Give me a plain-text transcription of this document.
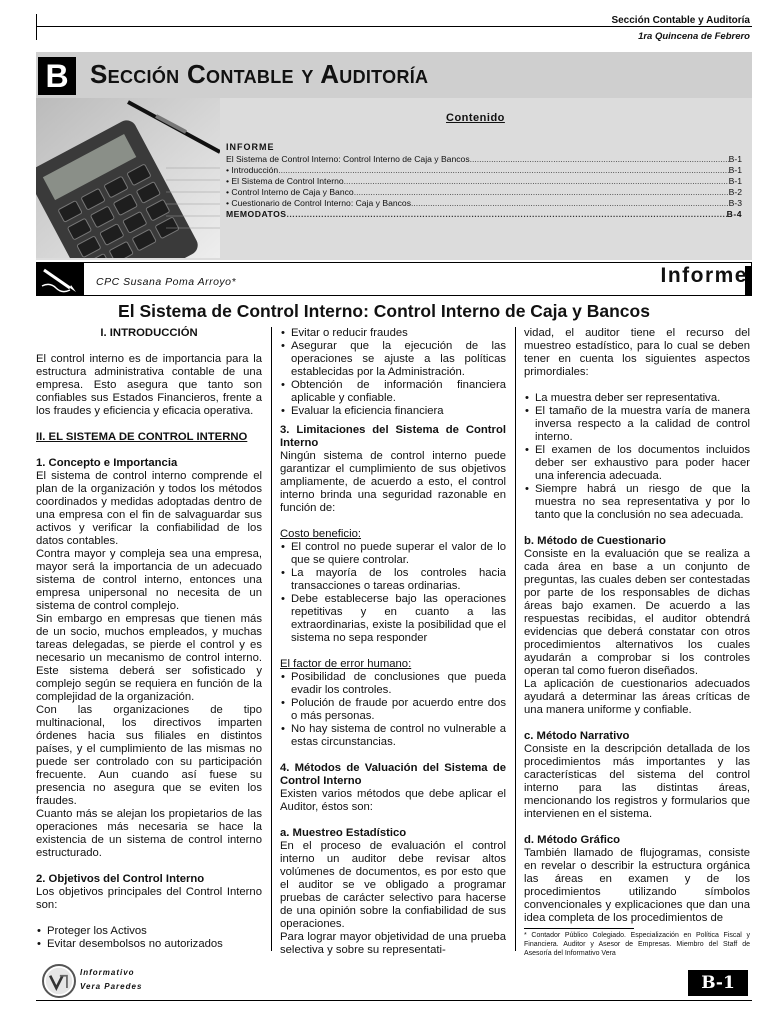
Sección Contable y Auditoría
1ra Quincena de Febrero
B Sección Contable y Auditoría
Contenido
INFORME
El Sistema de Control Interno: Control Interno de Caja y Bancos .....	B-1
• Introducción .....	B-1
• El Sistema de Control Interno .....	B-1
• Control Interno de Caja y Banco .....	B-2
• Cuestionario de Control Interno: Caja y Bancos .....	B-3
MEMODATOS .....	B-4
CPC Susana Poma Arroyo*	Informe
El Sistema de Control Interno: Control Interno de Caja y Bancos
I. INTRODUCCIÓN

El control interno es de importancia para la estructura administrativa contable de una empresa. Esto asegura que tanto son confiables sus Estados Financieros, frente a los fraudes y eficiencia y eficacia operativa.

II. EL SISTEMA DE CONTROL INTERNO
1. Concepto e Importancia

El sistema de control interno comprende el plan de la organización y todos los métodos coordinados y medidas adoptadas dentro de una empresa con el fin de salvaguardar sus activos y verificar la confiabilidad de los datos contables.

Contra mayor y compleja sea una empresa, mayor será la importancia de un adecuado sistema de control interno, entonces una empresa unipersonal no necesita de un sistema de control complejo.

Sin embargo en empresas que tienen más de un socio, muchos empleados, y muchas tareas delegadas, se pierde el control y es necesario un mecanismo de control interno. Este sistema deberá ser sofisticado y complejo según se requiera en función de la complejidad de la organización.

Con las organizaciones de tipo multinacional, los directivos imparten órdenes hacia sus filiales en distintos países, y el cumplimiento de las mismas no puede ser controlado con su participación frecuente. Aun cuando así fuese su presencia no asegura que se eviten los fraudes.

Cuanto más se alejan los propietarios de las operaciones más necesaria se hace la existencia de un sistema de control interno estructurado.

2. Objetivos del Control Interno

Los objetivos principales del Control Interno son:

• Proteger los Activos
• Evitar desembolsos no autorizados
• Evitar o reducir fraudes
• Asegurar que la ejecución de las operaciones se ajuste a las políticas establecidas por la Administración.
• Obtención de información financiera aplicable y confiable.
• Evaluar la eficiencia financiera
3. Limitaciones del Sistema de Control Interno

Ningún sistema de control interno puede garantizar el cumplimiento de sus objetivos ampliamente, de acuerdo a esto, el control interno brinda una seguridad razonable en función de:

Costo beneficio:

• El control no puede superar el valor de lo que se quiere controlar.
• La mayoría de los controles hacia transacciones o tareas ordinarias.
• Debe establecerse bajo las operaciones repetitivas y en cuanto a las extraordinarias, existe la posibilidad que el sistema no sepa responder

El factor de error humano:

• Posibilidad de conclusiones que pueda evadir los controles.
• Polución de fraude por acuerdo entre dos o más personas.
• No hay sistema de control no vulnerable a estas circunstancias.
4. Métodos de Valuación del Sistema de Control Interno

Existen varios métodos que debe aplicar el Auditor, éstos son:

a. Muestreo Estadístico

En el proceso de evaluación el control interno un auditor debe revisar altos volúmenes de documentos, es por esto que el auditor se ve obligado a programar pruebas de carácter selectivo para hacerse de una opinión sobre la confiabilidad de sus operaciones.

Para lograr mayor objetividad de una prueba selectiva y sobre su representati-

vidad, el auditor tiene el recurso del muestreo estadístico, para lo cual se deben tener en cuenta los siguientes aspectos primordiales:

• La muestra deber ser representativa.
• El tamaño de la muestra varía de manera inversa respecto a la calidad de control interno.
• El examen de los documentos incluidos deber ser exhaustivo para poder hacer una inferencia adecuada.
• Siempre habrá un riesgo de que la muestra no sea representativa y por lo tanto que la conclusión no sea adecuada.
b. Método de Cuestionario

Consiste en la evaluación que se realiza a cada área en base a un conjunto de preguntas, las cuales deben ser contestadas por parte de los responsables de dichas áreas bajo examen. De acuerdo a las respuestas recibidas, el auditor obtendrá evidencias que deberá constatar con otros procedimientos alternativos los cuales ayudarán a comprobar si los controles operan tal como fueron diseñados.

La aplicación de cuestionarios adecuados ayudará a determinar las áreas críticas de una manera uniforme y confiable.

c. Método Narrativo

Consiste en la descripción detallada de los procedimientos más importantes y las características del sistema del control interno para las distintas áreas, mencionando los registros y formularios que intervienen en el sistema.

d. Método Gráfico

También llamado de flujogramas, consiste en revelar o describir la estructura orgánica las áreas en examen y de los procedimientos utilizando símbolos convencionales y explicaciones que dan una idea completa de los procedimientos de

* Contador Público Colegiado. Especialización en Política Fiscal y Financiera. Auditor y Asesor de Empresas. Miembro del Staff de Asesoría del Informativo Vera

Informativo
Vera Paredes	B-1
